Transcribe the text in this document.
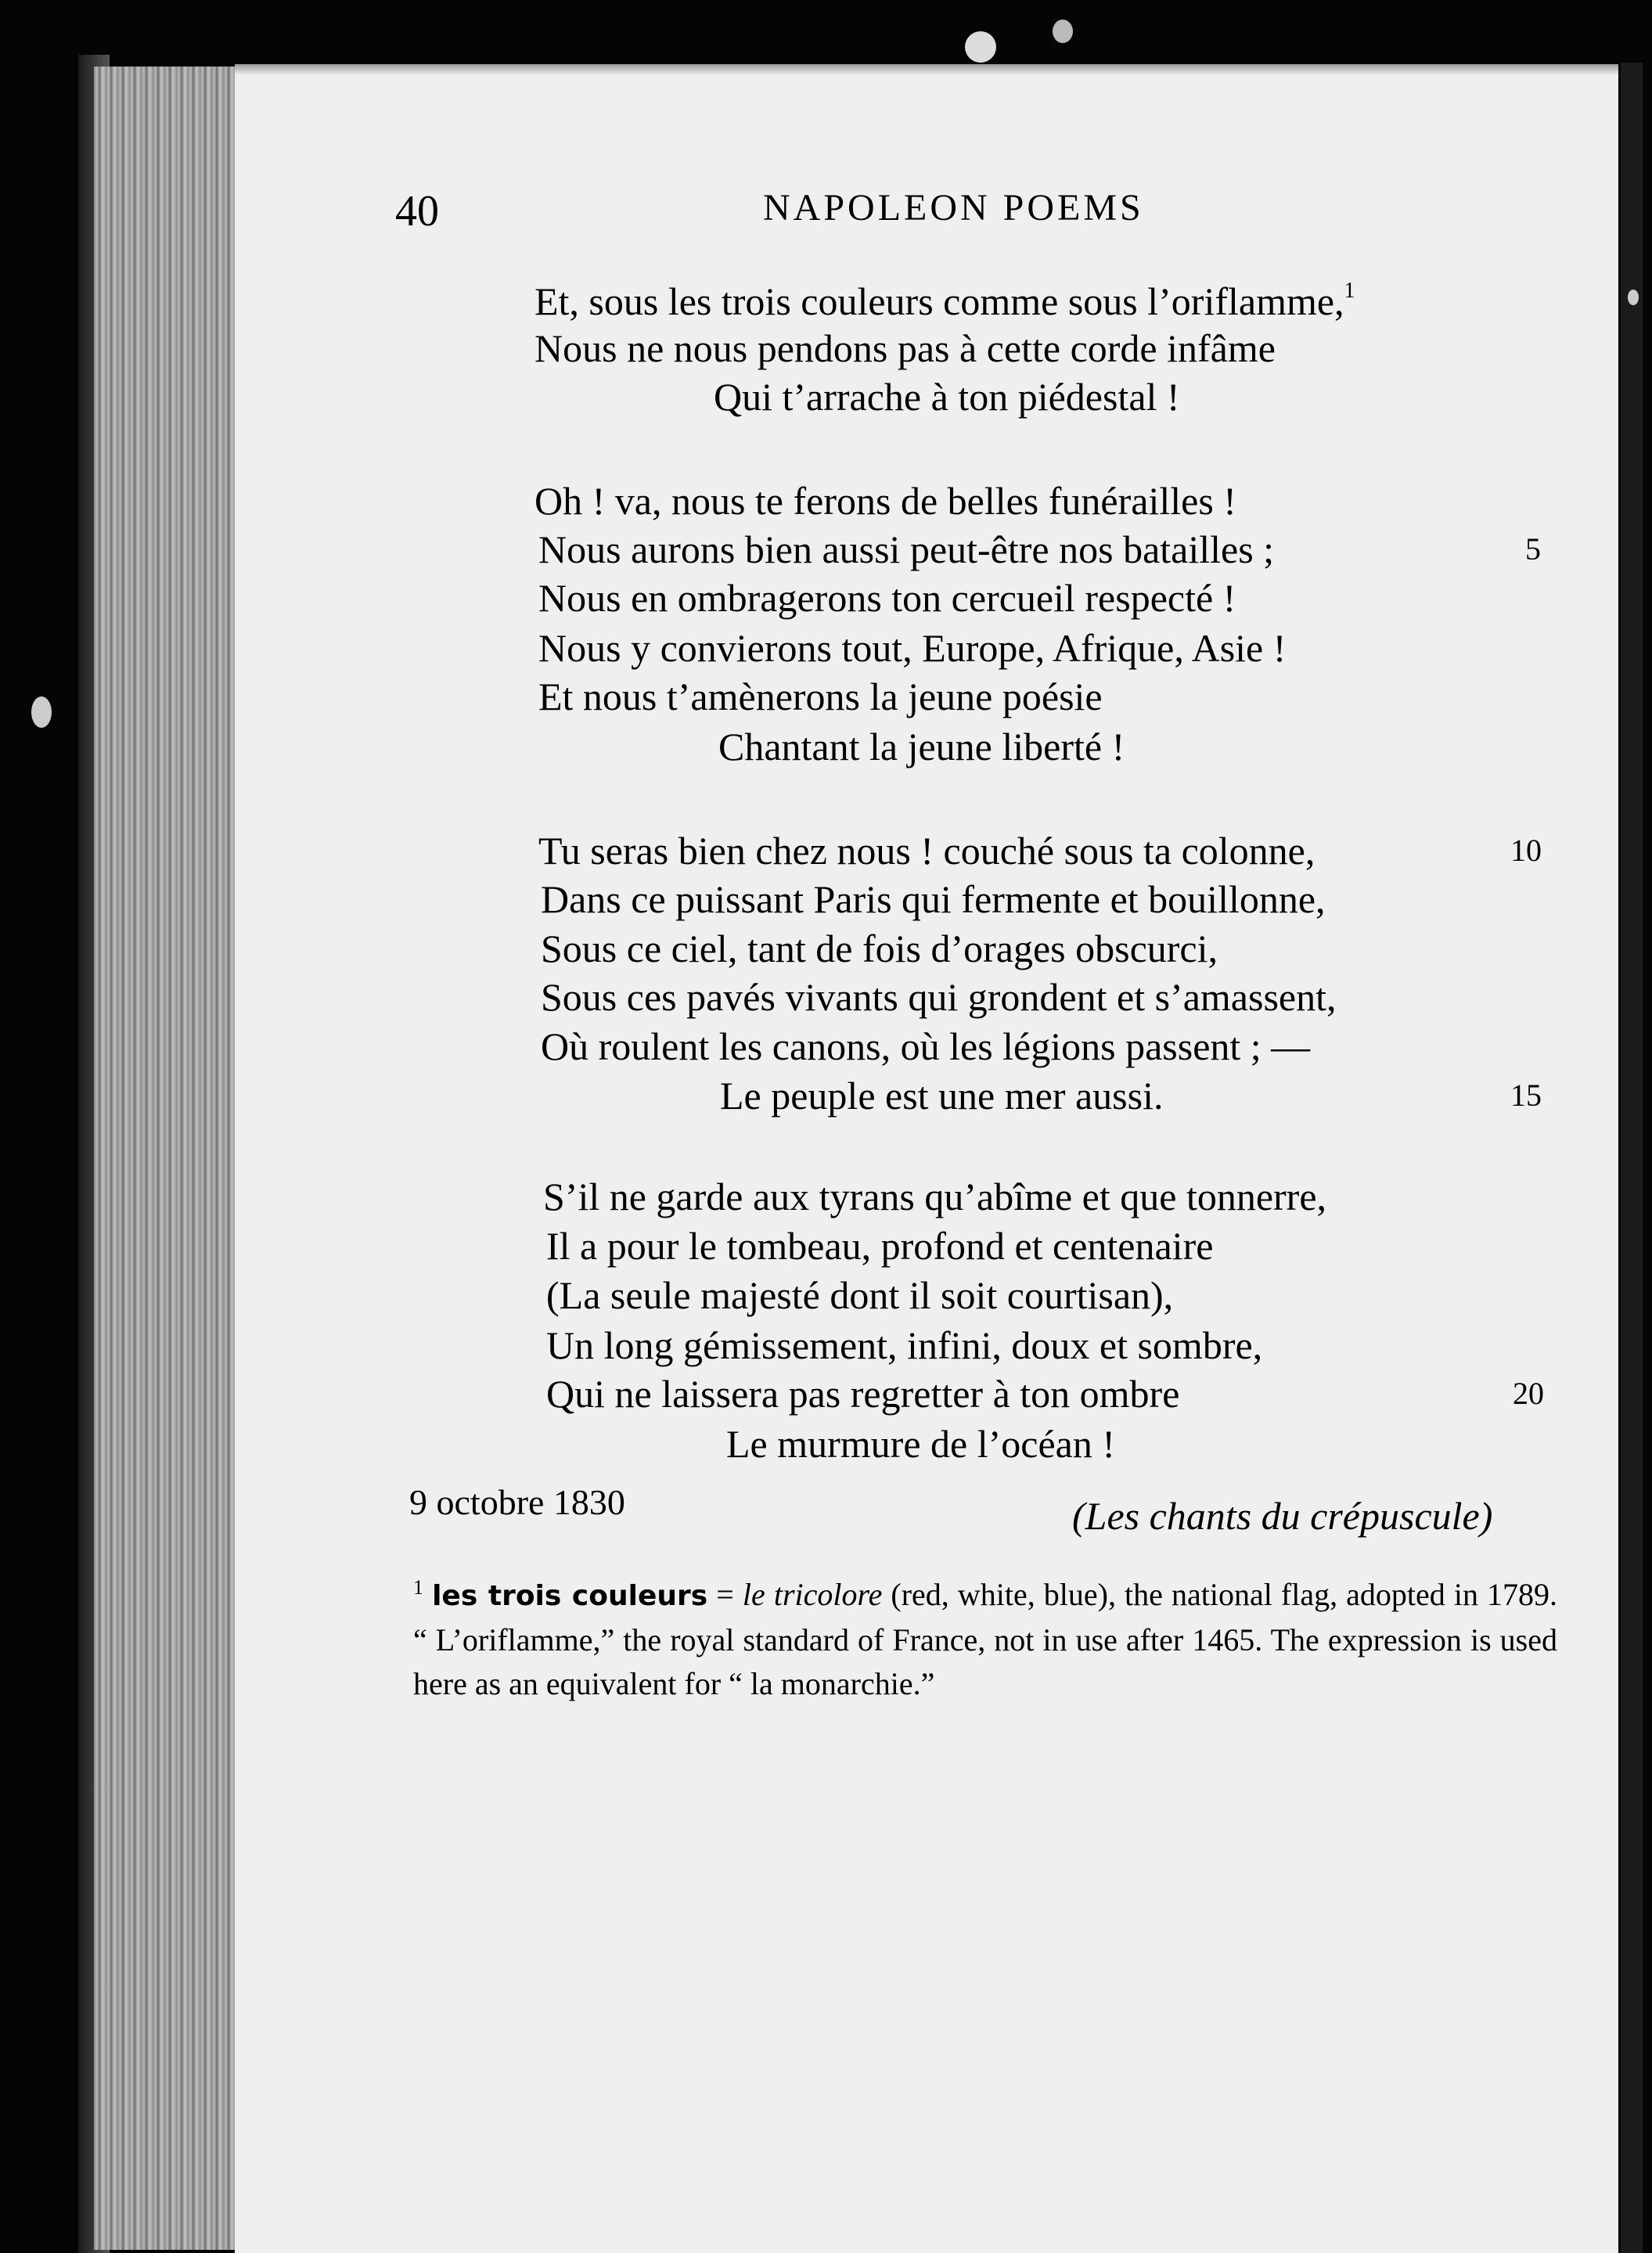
40	NAPOLEON POEMS
Et, sous les trois couleurs comme sous l’oriflamme,$^1$
Nous ne nous pendons pas à cette corde infâme
Qui t’arrache à ton piédestal !
Oh ! va, nous te ferons de belles funérailles !
Nous aurons bien aussi peut-être nos batailles ;	5
Nous en ombragerons ton cercueil respecté !
Nous y convierons tout, Europe, Afrique, Asie !
Et nous t’amènerons la jeune poésie
Chantant la jeune liberté !
Tu seras bien chez nous ! couché sous ta colonne,	10
Dans ce puissant Paris qui fermente et bouillonne,
Sous ce ciel, tant de fois d’orages obscurci,
Sous ces pavés vivants qui grondent et s’amassent,
Où roulent les canons, où les légions passent ; —
Le peuple est une mer aussi.	15
S’il ne garde aux tyrans qu’abîme et que tonnerre,
Il a pour le tombeau, profond et centenaire
(La seule majesté dont il soit courtisan),
Un long gémissement, infini, doux et sombre,
Qui ne laissera pas regretter à ton ombre	20
Le murmure de l’océan !
9 octobre 1830	(Les chants du crépuscule)
$^1$ les trois couleurs = le tricolore (red, white, blue), the national flag, adopted in 1789. “ L’oriflamme,” the royal standard of France, not in use after 1465. The expression is used here as an equivalent for “ la monarchie.”
